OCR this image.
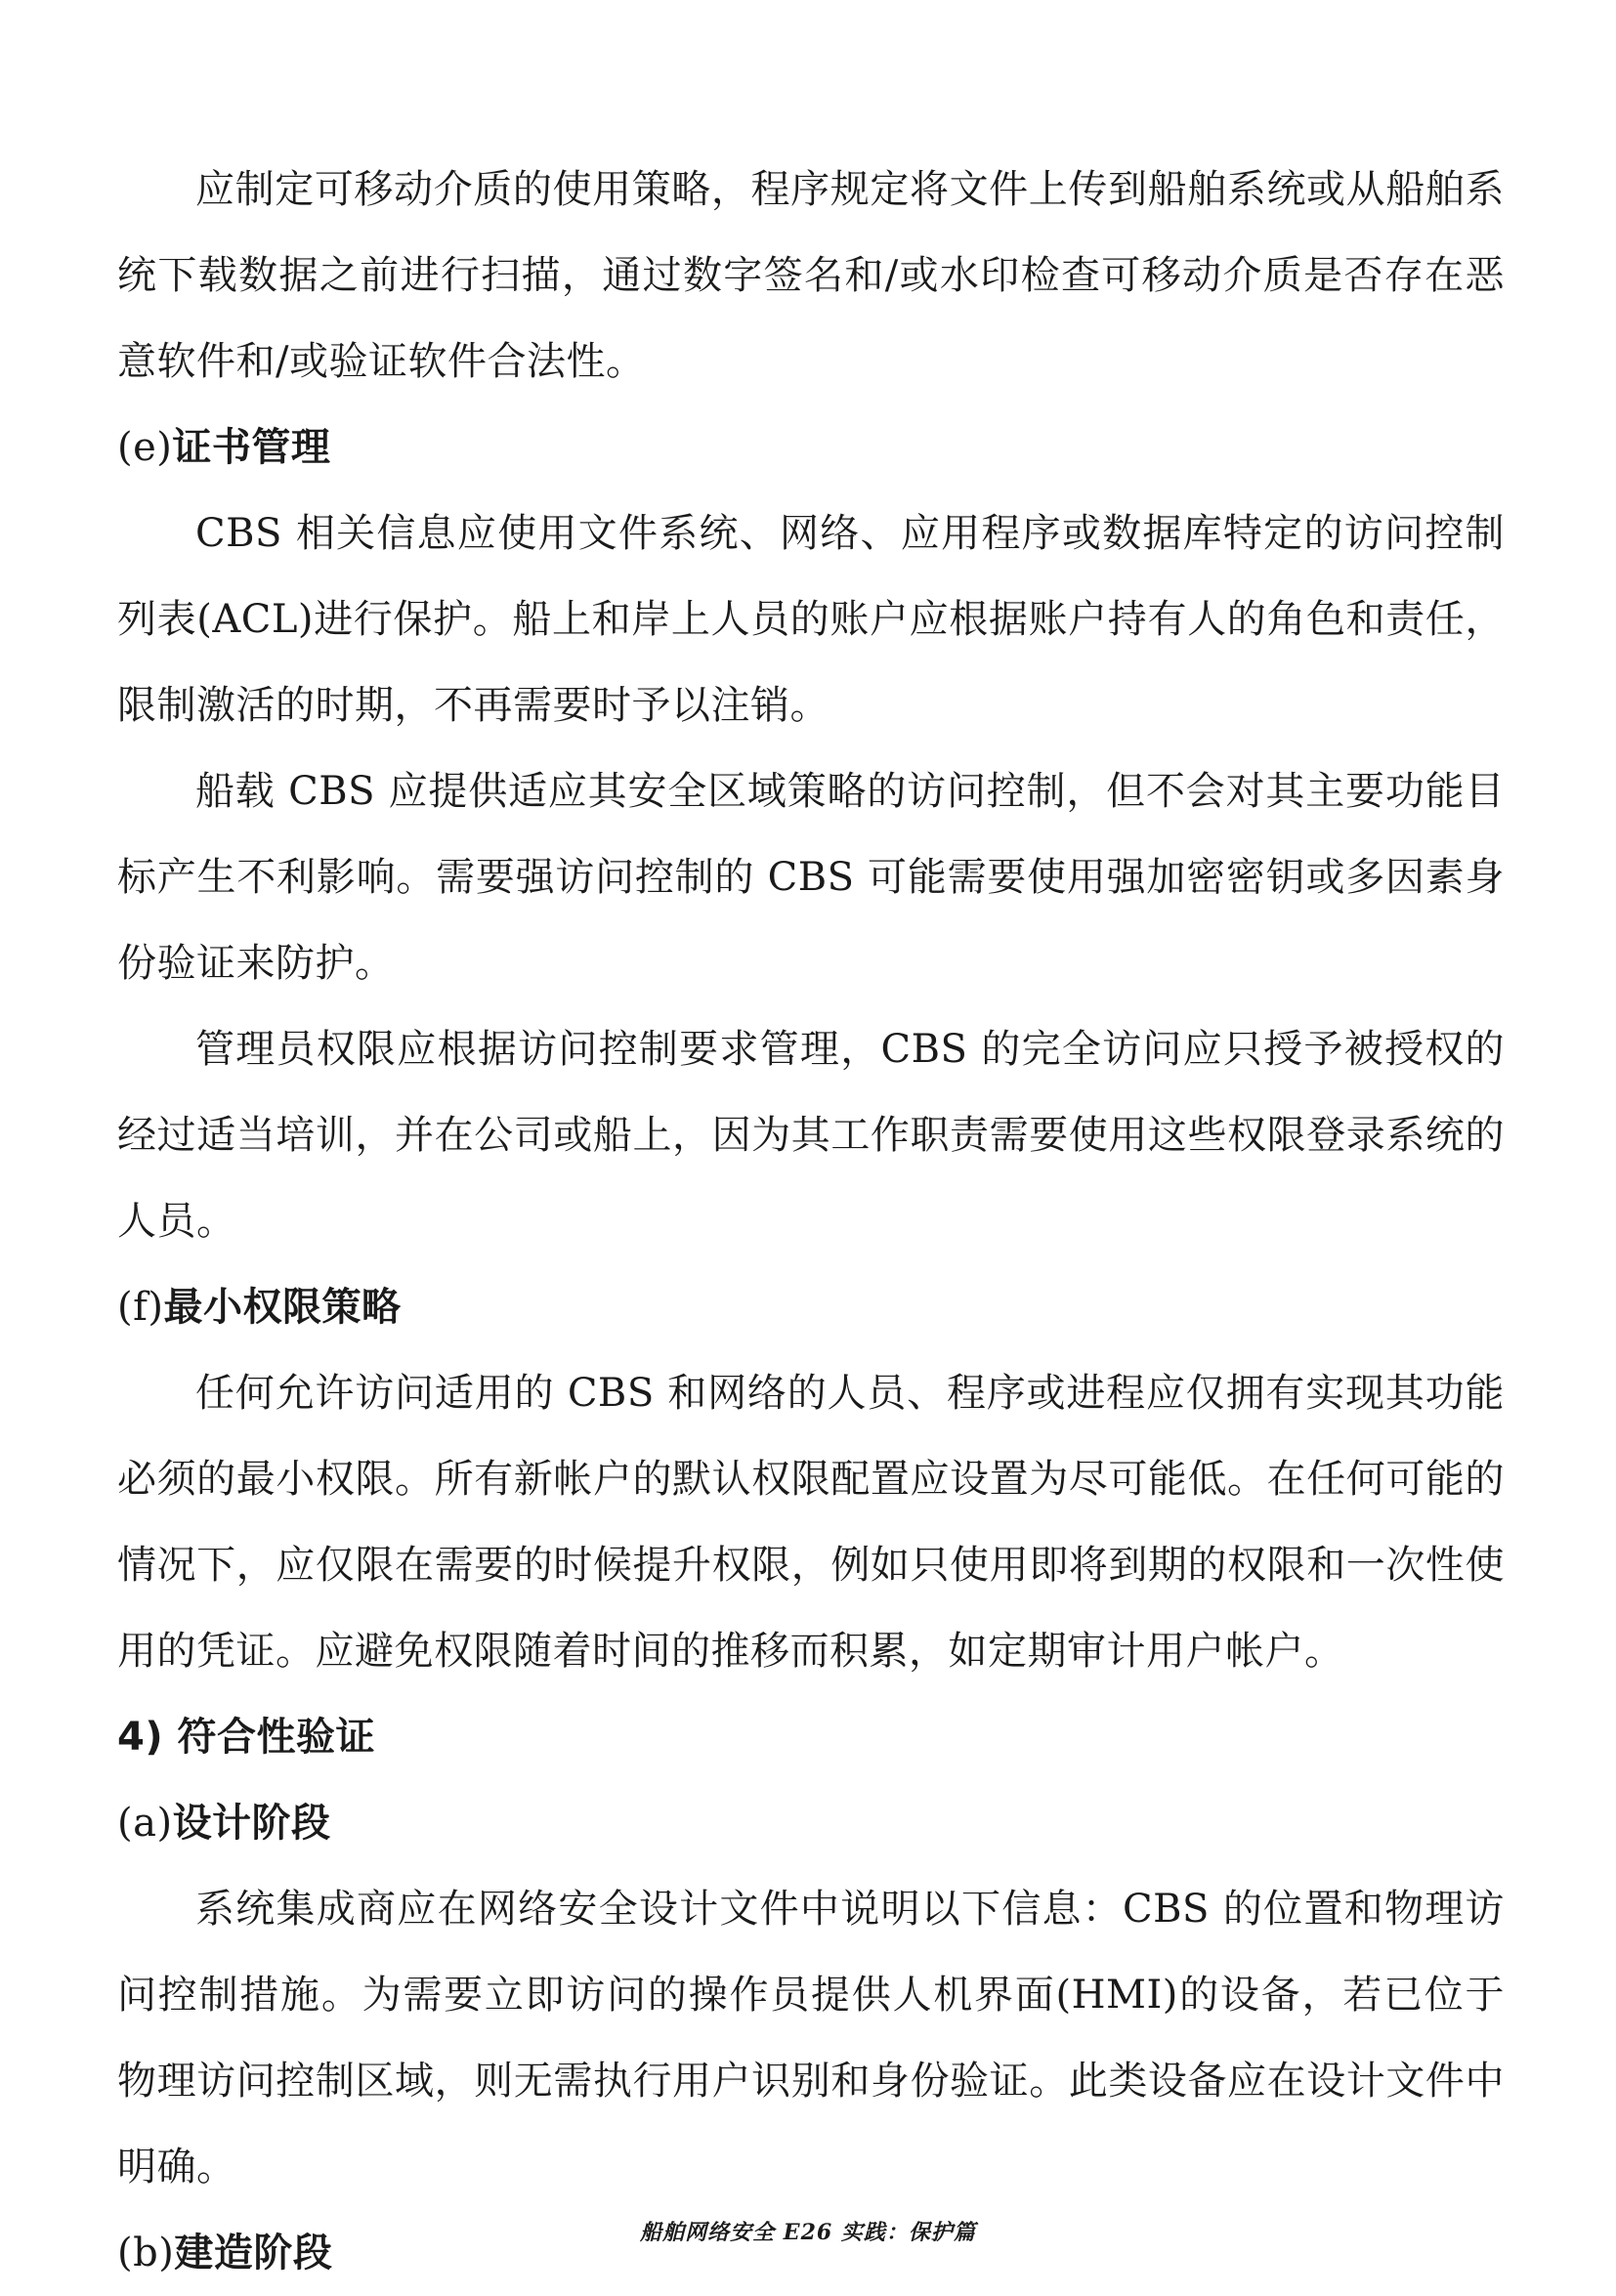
应制定可移动介质的使用策略，程序规定将文件上传到船舶系统或从船舶系统下载数据之前进行扫描，通过数字签名和/或水印检查可移动介质是否存在恶意软件和/或验证软件合法性。

(e)证书管理

CBS 相关信息应使用文件系统、网络、应用程序或数据库特定的访问控制列表(ACL)进行保护。船上和岸上人员的账户应根据账户持有人的角色和责任，限制激活的时期，不再需要时予以注销。

船载 CBS 应提供适应其安全区域策略的访问控制，但不会对其主要功能目标产生不利影响。需要强访问控制的 CBS 可能需要使用强加密密钥或多因素身份验证来防护。

管理员权限应根据访问控制要求管理，CBS 的完全访问应只授予被授权的经过适当培训，并在公司或船上，因为其工作职责需要使用这些权限登录系统的人员。

(f)最小权限策略

任何允许访问适用的 CBS 和网络的人员、程序或进程应仅拥有实现其功能必须的最小权限。所有新帐户的默认权限配置应设置为尽可能低。在任何可能的情况下，应仅限在需要的时候提升权限，例如只使用即将到期的权限和一次性使用的凭证。应避免权限随着时间的推移而积累，如定期审计用户帐户。

4) 符合性验证

(a)设计阶段

系统集成商应在网络安全设计文件中说明以下信息：CBS 的位置和物理访问控制措施。为需要立即访问的操作员提供人机界面(HMI)的设备，若已位于物理访问控制区域，则无需执行用户识别和身份验证。此类设备应在设计文件中明确。

(b)建造阶段	船舶网络安全 E26 实践：保护篇
